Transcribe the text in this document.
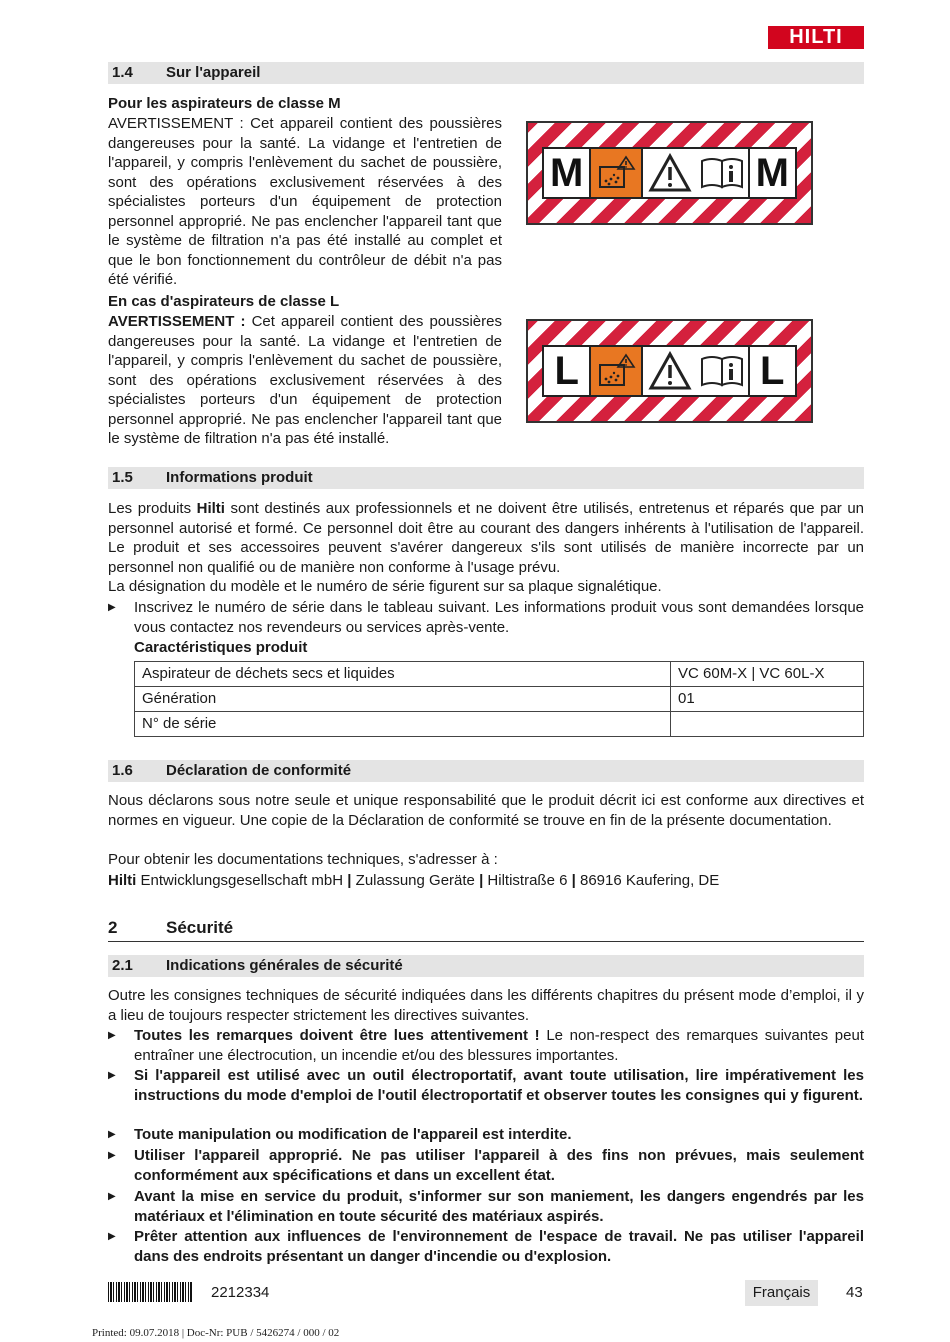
HILTI
1.4 Sur l'appareil
Pour les aspirateurs de classe M
AVERTISSEMENT : Cet appareil contient des poussières dangereuses pour la santé. La vidange et l'entretien de l'appareil, y compris l'enlèvement du sachet de poussière, sont des opérations exclusivement réservées à des spécialistes porteurs d'un équipement de protection personnel approprié. Ne pas enclencher l'appareil tant que le système de filtration n'a pas été installé au complet et que le bon fonctionnement du contrôleur de débit n'a pas été vérifié.
M	M
En cas d'aspirateurs de classe L
AVERTISSEMENT : Cet appareil contient des poussières dangereuses pour la santé. La vidange et l'entretien de l'appareil, y compris l'enlèvement du sachet de poussière, sont des opérations exclusivement réservées à des spécialistes porteurs d'un équipement de protection personnel approprié. Ne pas enclencher l'appareil tant que le système de filtration n'a pas été installé.
L	L
1.5 Informations produit
Les produits Hilti sont destinés aux professionnels et ne doivent être utilisés, entretenus et réparés que par un personnel autorisé et formé. Ce personnel doit être au courant des dangers inhérents à l'utilisation de l'appareil. Le produit et ses accessoires peuvent s'avérer dangereux s'ils sont utilisés de manière incorrecte par un personnel non qualifié ou de manière non conforme à l'usage prévu.
La désignation du modèle et le numéro de série figurent sur sa plaque signalétique.
▶ Inscrivez le numéro de série dans le tableau suivant. Les informations produit vous sont demandées lorsque vous contactez nos revendeurs ou services après-vente.
Caractéristiques produit
Aspirateur de déchets secs et liquides	VC 60M-X | VC 60L-X
Génération	01
N° de série	
1.6 Déclaration de conformité
Nous déclarons sous notre seule et unique responsabilité que le produit décrit ici est conforme aux directives et normes en vigueur. Une copie de la Déclaration de conformité se trouve en fin de la présente documentation.
Pour obtenir les documentations techniques, s'adresser à :
Hilti Entwicklungsgesellschaft mbH | Zulassung Geräte | Hiltistraße 6 | 86916 Kaufering, DE
2	Sécurité
2.1 Indications générales de sécurité
Outre les consignes techniques de sécurité indiquées dans les différents chapitres du présent mode d’emploi, il y a lieu de toujours respecter strictement les directives suivantes.
▶ Toutes les remarques doivent être lues attentivement ! Le non-respect des remarques suivantes peut entraîner une électrocution, un incendie et/ou des blessures importantes.
▶ Si l'appareil est utilisé avec un outil électroportatif, avant toute utilisation, lire impérativement les instructions du mode d'emploi de l'outil électroportatif et observer toutes les consignes qui y figurent.
▶ Toute manipulation ou modification de l'appareil est interdite.
▶ Utiliser l'appareil approprié. Ne pas utiliser l'appareil à des fins non prévues, mais seulement conformément aux spécifications et dans un excellent état.
▶ Avant la mise en service du produit, s'informer sur son maniement, les dangers engendrés par les matériaux et l'élimination en toute sécurité des matériaux aspirés.
▶ Prêter attention aux influences de l'environnement de l'espace de travail. Ne pas utiliser l'appareil dans des endroits présentant un danger d'incendie ou d'explosion.
2212334	Français	43
Printed: 09.07.2018 | Doc-Nr: PUB / 5426274 / 000 / 02
